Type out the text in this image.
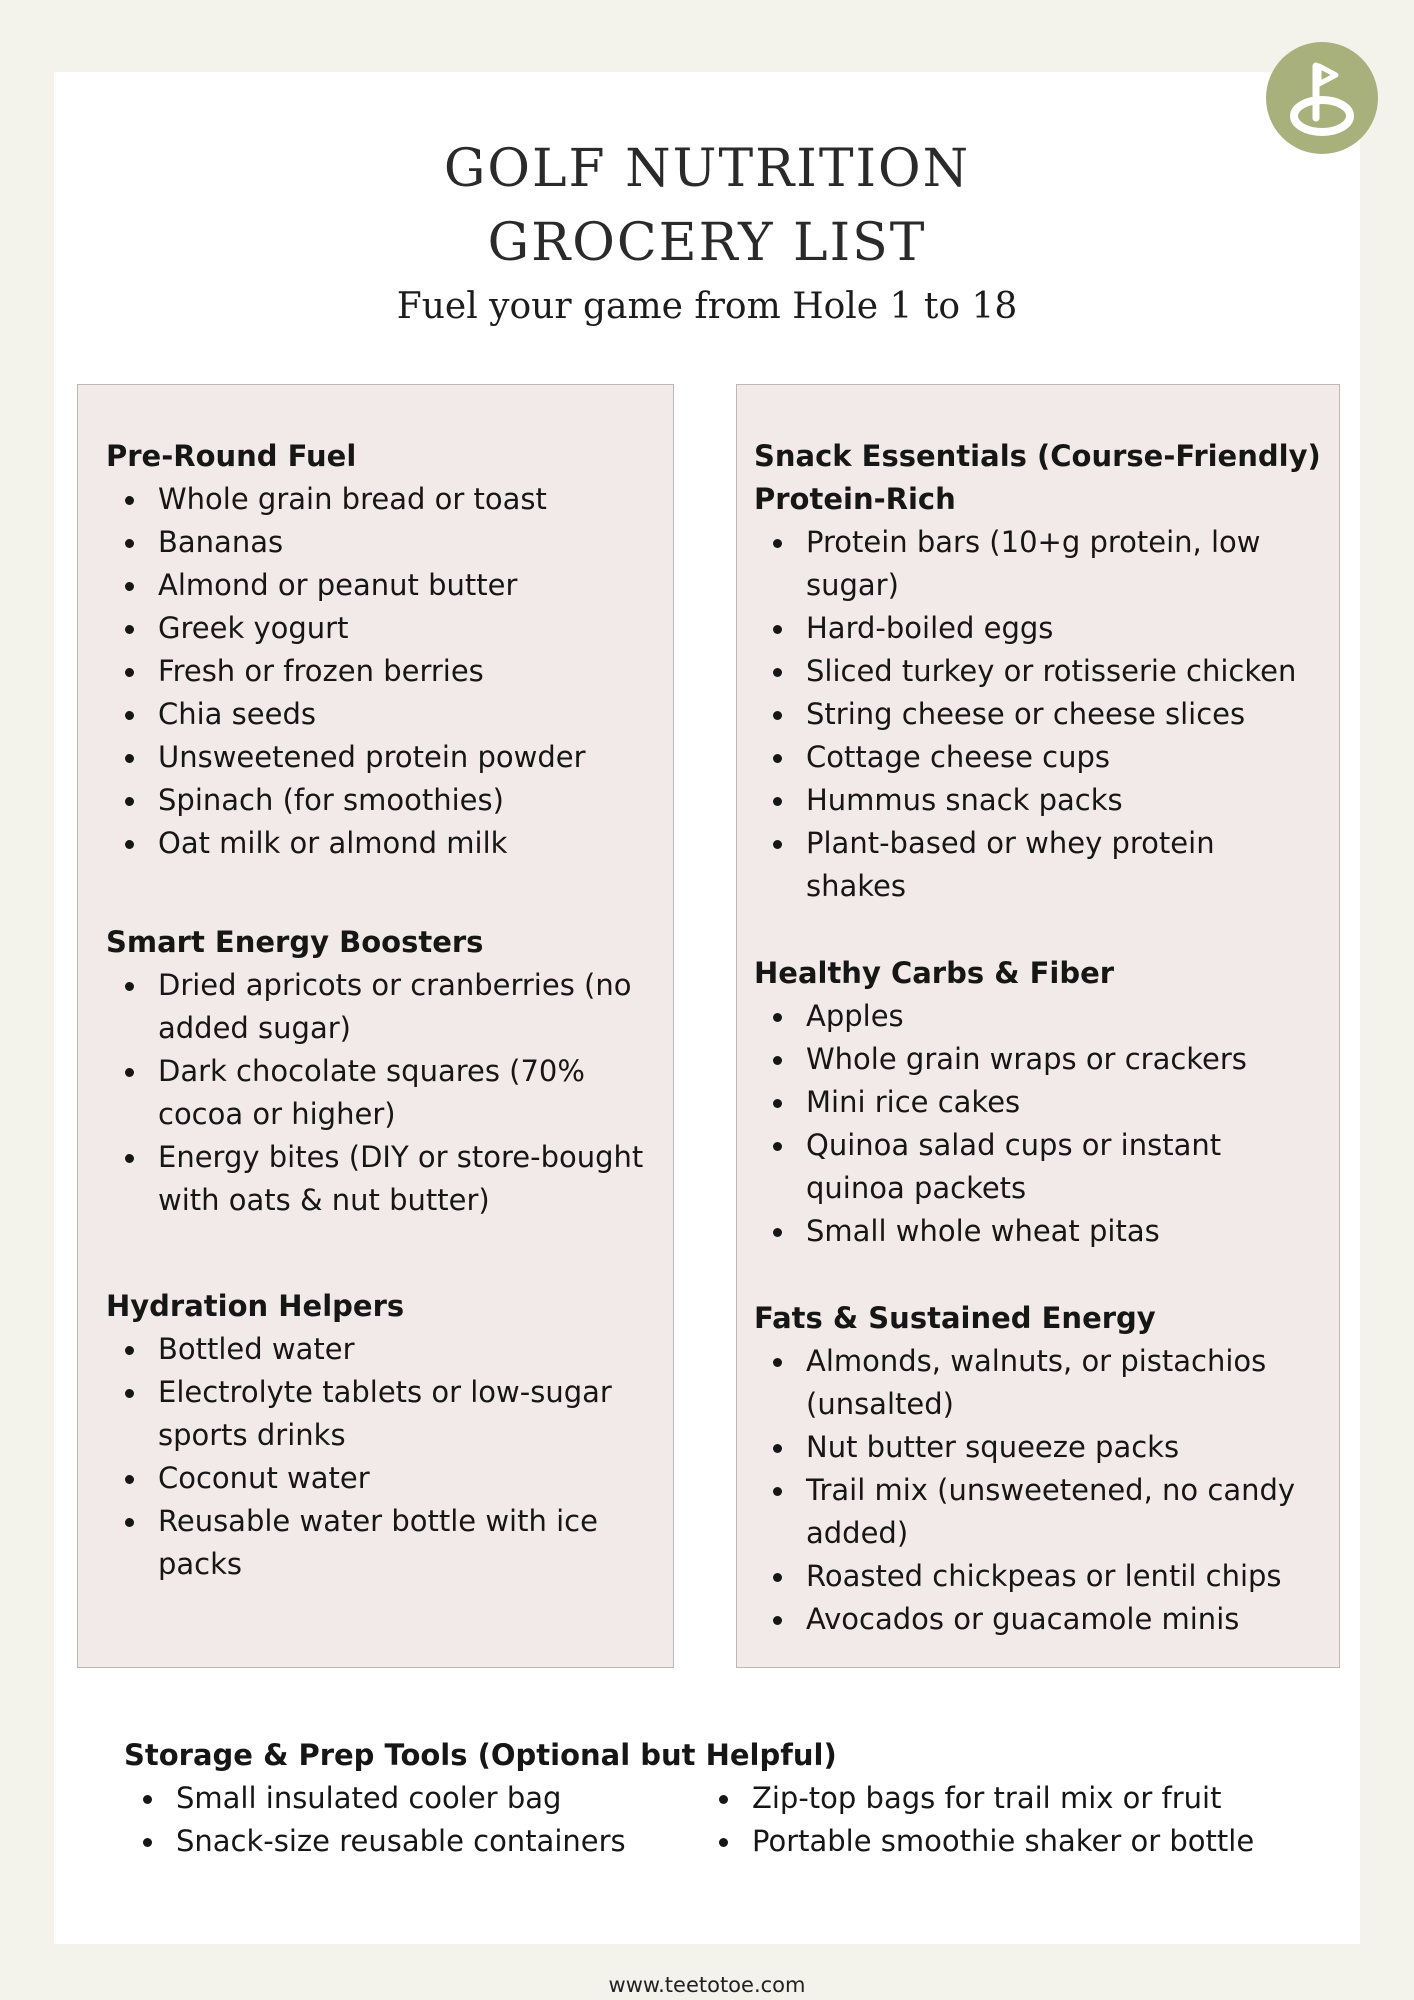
GOLF NUTRITION
GROCERY LIST

Fuel your game from Hole 1 to 18

Pre-Round Fuel
Whole grain bread or toast
Bananas
Almond or peanut butter
Greek yogurt
Fresh or frozen berries
Chia seeds
Unsweetened protein powder
Spinach (for smoothies)
Oat milk or almond milk
Smart Energy Boosters
Dried apricots or cranberries (no added sugar)
Dark chocolate squares (70% cocoa or higher)
Energy bites (DIY or store-bought with oats & nut butter)
Hydration Helpers
Bottled water
Electrolyte tablets or low-sugar sports drinks
Coconut water
Reusable water bottle with ice packs
Snack Essentials (Course-Friendly)
Protein-Rich
Protein bars (10+g protein, low sugar)
Hard-boiled eggs
Sliced turkey or rotisserie chicken
String cheese or cheese slices
Cottage cheese cups
Hummus snack packs
Plant-based or whey protein shakes
Healthy Carbs & Fiber
Apples
Whole grain wraps or crackers
Mini rice cakes
Quinoa salad cups or instant quinoa packets
Small whole wheat pitas
Fats & Sustained Energy
Almonds, walnuts, or pistachios (unsalted)
Nut butter squeeze packs
Trail mix (unsweetened, no candy added)
Roasted chickpeas or lentil chips
Avocados or guacamole minis
Storage & Prep Tools (Optional but Helpful)
Small insulated cooler bag
Snack-size reusable containers
Zip-top bags for trail mix or fruit
Portable smoothie shaker or bottle
www.teetotoe.com
